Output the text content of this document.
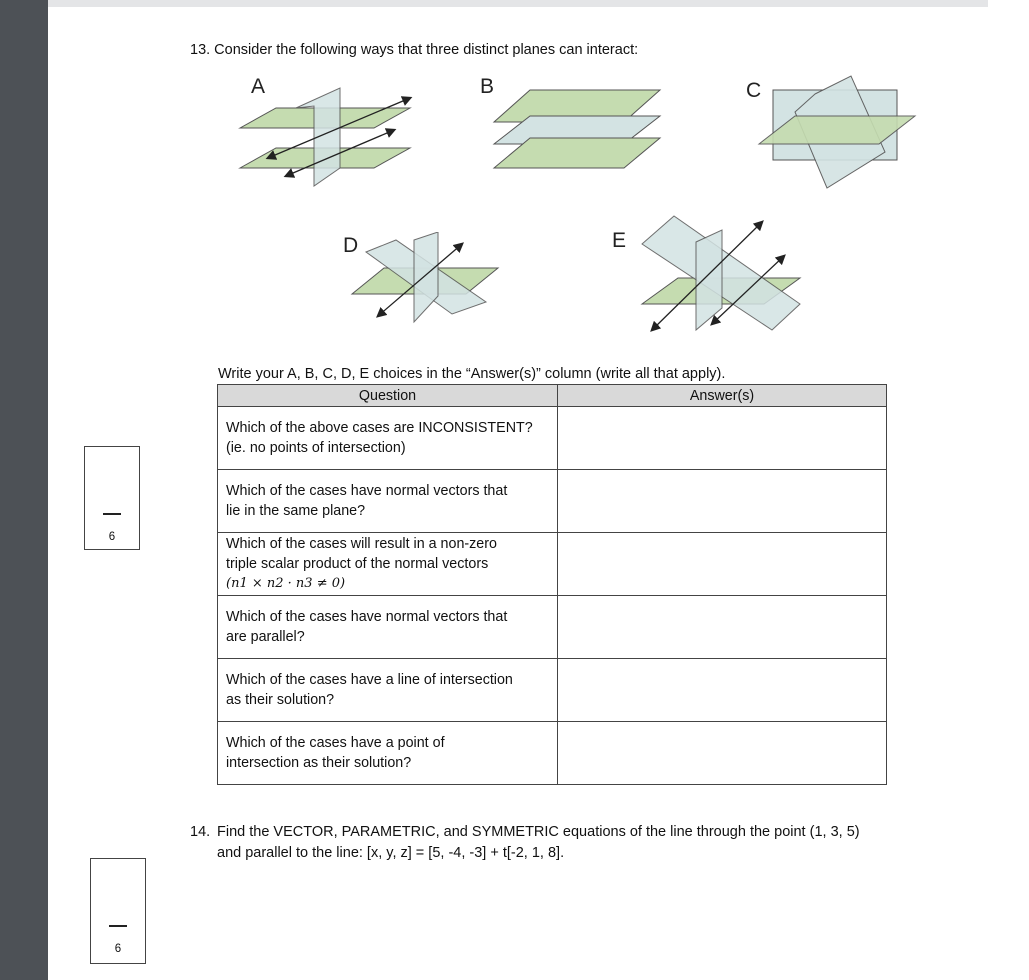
13. Consider the following ways that three distinct planes can interact:
A	B	C
D	E
Write your A, B, C, D, E choices in the “Answer(s)” column (write all that apply).
Question	Answer(s)

Which of the above cases are INCONSISTENT?
(ie. no points of intersection)	

Which of the cases have normal vectors that
lie in the same plane?	

Which of the cases will result in a non-zero
triple scalar product of the normal vectors
(n1 × n2 · n3 ≠ 0)	

Which of the cases have normal vectors that
are parallel?	

Which of the cases have a line of intersection
as their solution?	

Which of the cases have a point of
intersection as their solution?	

6
14. Find the VECTOR, PARAMETRIC, and SYMMETRIC equations of the line through the point (1, 3, 5)
and parallel to the line: [x, y, z] = [5, -4, -3] + t[-2, 1, 8].
6
